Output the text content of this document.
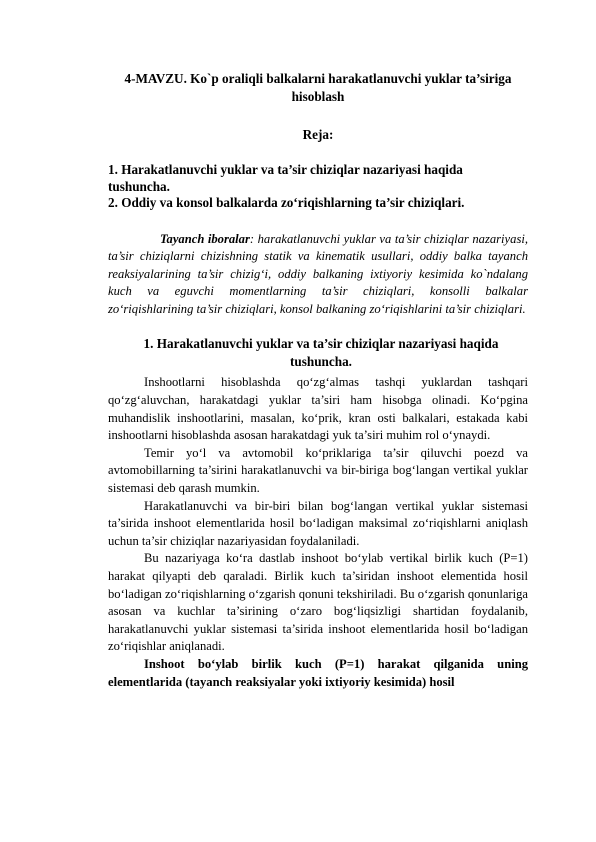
4-MAVZU. Ko`p oraliqli balkalarni harakatlanuvchi yuklar ta’siriga hisoblash

Reja:

1. Harakatlanuvchi yuklar va ta’sir chiziqlar nazariyasi haqida tushuncha.
2. Oddiy va konsol balkalarda zo‘riqishlarning ta’sir chiziqlari.

Tayanch iboralar: harakatlanuvchi yuklar va ta’sir chiziqlar nazariyasi, ta’sir chiziqlarni chizishning statik va kinematik usullari, oddiy balka tayanch reaksiyalarining ta’sir chizig‘i, oddiy balkaning ixtiyoriy kesimida ko`ndalang kuch va eguvchi momentlarning ta’sir chiziqlari, konsolli balkalar zo‘riqishlarining ta’sir chiziqlari, konsol balkaning zo‘riqishlarini ta’sir chiziqlari.

1. Harakatlanuvchi yuklar va ta’sir chiziqlar nazariyasi haqida tushuncha.

Inshootlarni hisoblashda qo‘zg‘almas tashqi yuklardan tashqari qo‘zg‘aluvchan, harakatdagi yuklar ta’siri ham hisobga olinadi. Ko‘pgina muhandislik inshootlarini, masalan, ko‘prik, kran osti balkalari, estakada kabi inshootlarni hisoblashda asosan harakatdagi yuk ta’siri muhim rol o‘ynaydi.

Temir yo‘l va avtomobil ko‘priklariga ta’sir qiluvchi poezd va avtomobillarning ta’sirini harakatlanuvchi va bir-biriga bog‘langan vertikal yuklar sistemasi deb qarash mumkin.

Harakatlanuvchi va bir-biri bilan bog‘langan vertikal yuklar sistemasi ta’sirida inshoot elementlarida hosil bo‘ladigan maksimal zo‘riqishlarni aniqlash uchun ta’sir chiziqlar nazariyasidan foydalaniladi.

Bu nazariyaga ko‘ra dastlab inshoot bo‘ylab vertikal birlik kuch (P=1) harakat qilyapti deb qaraladi. Birlik kuch ta’siridan inshoot elementida hosil bo‘ladigan zo‘riqishlarning o‘zgarish qonuni tekshiriladi. Bu o‘zgarish qonunlariga asosan va kuchlar ta’sirining o‘zaro bog‘liqsizligi shartidan foydalanib, harakatlanuvchi yuklar sistemasi ta’sirida inshoot elementlarida hosil bo‘ladigan zo‘riqishlar aniqlanadi.

Inshoot bo‘ylab birlik kuch (P=1) harakat qilganida uning elementlarida (tayanch reaksiyalar yoki ixtiyoriy kesimida) hosil
